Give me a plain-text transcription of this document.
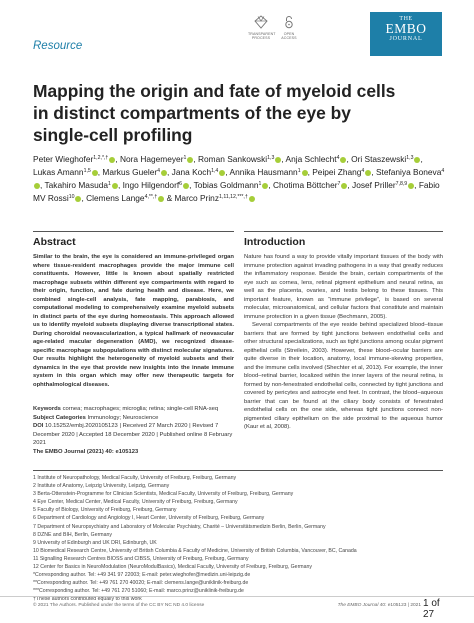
Resource
TRANSPARENT
PROCESS
OPEN
ACCESS
THE
EMBO
JOURNAL
Mapping the origin and fate of myeloid cells
in distinct compartments of the eye by
single-cell profiling
Peter Wieghofer$^{1,2,*,\dagger}$ , Nora Hagemeyer$^1$ , Roman Sankowski$^{1,3}$ , Anja Schlecht$^4$ , Ori Staszewski$^{1,3}$ , Lukas Amann$^{1,5}$ , Markus Gueler$^4$ , Jana Koch$^{1,4}$ , Annika Hausmann$^1$ , Peipei Zhang$^4$ , Stefaniya Boneva$^4$, Takahiro Masuda$^1$ , Ingo Hilgendorf$^6$ , Tobias Goldmann$^1$ , Chotima Böttcher$^7$ , Josef Priller$^{7,8,9}$ , Fabio MV Rossi$^{10}$ , Clemens Lange$^{4,**,\dagger}$ & Marco Prinz$^{1,11,12,***,\dagger}$
Abstract	Introduction

Similar to the brain, the eye is considered an immune-privileged organ where tissue-resident macrophages provide the major immune cell constituents. However, little is known about spatially restricted macrophage subsets within different eye compartments with regard to their origin, function, and fate during health and disease. Here, we combined single-cell analysis, fate mapping, parabiosis, and computational modeling to comprehensively examine myeloid subsets in distinct parts of the eye during homeostasis. This approach allowed us to identify myeloid subsets displaying diverse transcriptional states. During choroidal neovascularization, a typical hallmark of neovascular age-related macular degeneration (AMD), we recognized disease-specific macrophage subpopulations with distinct molecular signatures. Our results highlight the heterogeneity of myeloid subsets and their dynamics in the eye that provide new insights into the innate immune system in this organ which may offer new therapeutic targets for ophthalmological diseases.

Keywords cornea; macrophages; microglia; retina; single-cell RNA-seq
Subject Categories Immunology; Neuroscience
DOI 10.15252/embj.2020105123 | Received 27 March 2020 | Revised 7 December 2020 | Accepted 18 December 2020 | Published online 8 February 2021
The EMBO Journal (2021) 40: e105123

Nature has found a way to provide vitally important tissues of the body with immune protection against invading pathogens in a way that greatly reduces the inflammatory response. Beside the brain, certain compartments of the eye such as cornea, lens, retinal pigment epithelium and neural retina, as well as the placenta, ovaries, and testis belong to these tissues. This important feature, known as “immune privilege”, is based on several molecular, microanatomical, and cellular factors that constitute and maintain immune protection in a given tissue (Bechmann, 2005).

Several compartments of the eye reside behind specialized blood–tissue barriers that are formed by tight junctions between endothelial cells and other structural specializations, such as tight junctions among ocular pigment epithelial cells (Streilein, 2003). However, these blood–ocular barriers are quite diverse in their location, anatomy, local immune-skewing properties, and the immune cells involved (Shechter et al, 2013). For example, the inner blood–retinal barrier, localized within the inner layers of the neural retina, is formed by non-fenestrated endothelial cells, connected by tight junctions and covered by pericytes and astrocyte end feet. In contrast, the blood–aqueous barrier that can be found at the ciliary body consists of fenestrated endothelial cells on the one side, whereas tight junctions connect non-pigmented ciliary epithelium on the side proximal to the aqueous humor (Kaur et al, 2008).

1 Institute of Neuropathology, Medical Faculty, University of Freiburg, Freiburg, Germany
2 Institute of Anatomy, Leipzig University, Leipzig, Germany
3 Berta-Ottenstein-Programme for Clinician Scientists, Medical Faculty, University of Freiburg, Freiburg, Germany
4 Eye Center, Medical Center, Medical Faculty, University of Freiburg, Freiburg, Germany
5 Faculty of Biology, University of Freiburg, Freiburg, Germany
6 Department of Cardiology and Angiology I, Heart Center, University of Freiburg, Freiburg, Germany
7 Department of Neuropsychiatry and Laboratory of Molecular Psychiatry, Charité – Universitätsmedizin Berlin, Berlin, Germany
8 DZNE and BIH, Berlin, Germany
9 University of Edinburgh and UK DRI, Edinburgh, UK
10 Biomedical Research Centre, University of British Columbia & Faculty of Medicine, University of British Columbia, Vancouver, BC, Canada
11 Signalling Research Centres BIOSS and CIBSS, University of Freiburg, Freiburg, Germany
12 Center for Basics in NeuroModulation (NeuroModulBasics), Medical Faculty, University of Freiburg, Freiburg, Germany
*Corresponding author. Tel: +49 341 97 22003; E-mail: peter.wieghofer@medizin.uni-leipzig.de
**Corresponding author. Tel: +49 761 270 40020; E-mail: clemens.lange@uniklinik-freiburg.de
***Corresponding author. Tel: +49 761 270 51060; E-mail: marco.prinz@uniklinik-freiburg.de
†These authors contributed equally to this work
© 2021 The Authors. Published under the terms of the CC BY NC ND 4.0 license	The EMBO Journal 40: e105123 | 2021 1 of 27
